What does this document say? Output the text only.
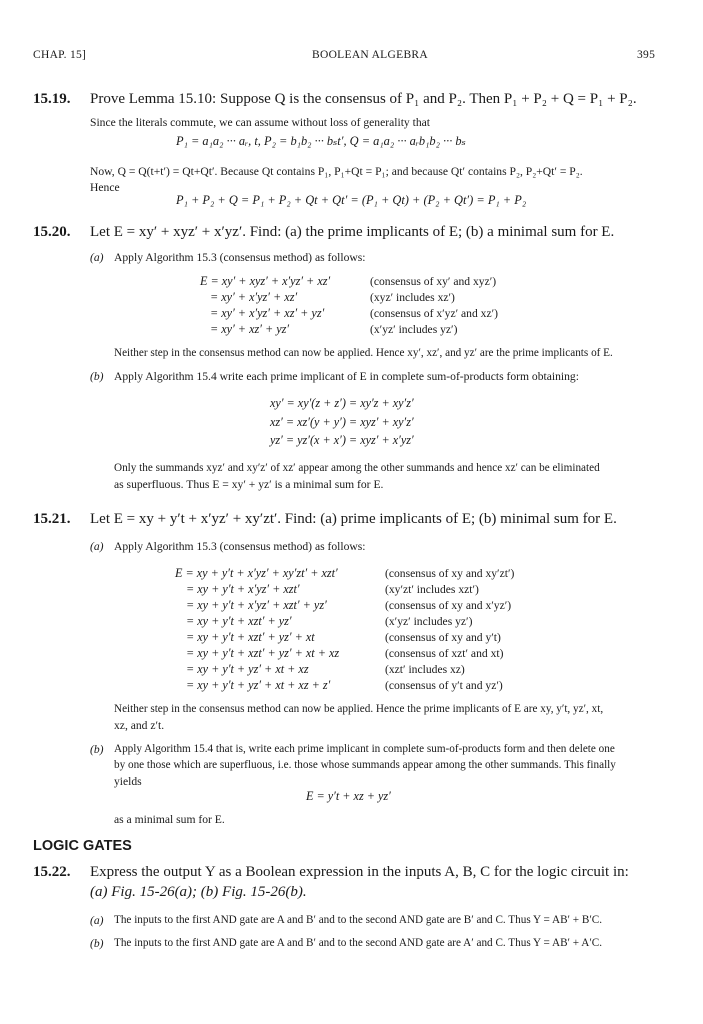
CHAP. 15]	BOOLEAN ALGEBRA	395
15.19. Prove Lemma 15.10: Suppose Q is the consensus of P₁ and P₂. Then P₁ + P₂ + Q = P₁ + P₂.
Since the literals commute, we can assume without loss of generality that
P₁ = a₁a₂ ··· aᵣ, t, P₂ = b₁b₂ ··· bₛt′, Q = a₁a₂ ··· aᵣb₁b₂ ··· bₛ
Now, Q = Q(t+t′) = Qt+Qt′. Because Qt contains P₁, P₁+Qt = P₁; and because Qt′ contains P₂, P₂+Qt′ = P₂.
Hence
P₁ + P₂ + Q = P₁ + P₂ + Qt + Qt′ = (P₁ + Qt) + (P₂ + Qt′) = P₁ + P₂
15.20. Let E = xy′ + xyz′ + x′yz′. Find: (a) the prime implicants of E; (b) a minimal sum for E.
(a) Apply Algorithm 15.3 (consensus method) as follows:
E = xy′ + xyz′ + x′yz′ + xz′	(consensus of xy′ and xyz′)
= xy′ + x′yz′ + xz′	(xyz′ includes xz′)
= xy′ + x′yz′ + xz′ + yz′	(consensus of x′yz′ and xz′)
= xy′ + xz′ + yz′	(x′yz′ includes yz′)
Neither step in the consensus method can now be applied. Hence xy′, xz′, and yz′ are the prime implicants of E.
(b) Apply Algorithm 15.4 write each prime implicant of E in complete sum-of-products form obtaining:
xy′ = xy′(z + z′) = xy′z + xy′z′
xz′ = xz′(y + y′) = xyz′ + xy′z′
yz′ = yz′(x + x′) = xyz′ + x′yz′
Only the summands xyz′ and xy′z′ of xz′ appear among the other summands and hence xz′ can be eliminated
as superfluous. Thus E = xy′ + yz′ is a minimal sum for E.
15.21. Let E = xy + y′t + x′yz′ + xy′zt′. Find: (a) prime implicants of E; (b) minimal sum for E.
(a) Apply Algorithm 15.3 (consensus method) as follows:
E = xy + y′t + x′yz′ + xy′zt′ + xzt′	(consensus of xy and xy′zt′)
= xy + y′t + x′yz′ + xzt′	(xy′zt′ includes xzt′)
= xy + y′t + x′yz′ + xzt′ + yz′	(consensus of xy and x′yz′)
= xy + y′t + xzt′ + yz′	(x′yz′ includes yz′)
= xy + y′t + xzt′ + yz′ + xt	(consensus of xy and y′t)
= xy + y′t + xzt′ + yz′ + xt + xz	(consensus of xzt′ and xt)
= xy + y′t + yz′ + xt + xz	(xzt′ includes xz)
= xy + y′t + yz′ + xt + xz + z′	(consensus of y′t and yz′)
Neither step in the consensus method can now be applied. Hence the prime implicants of E are xy, y′t, yz′, xt,
xz, and z′t.
(b) Apply Algorithm 15.4 that is, write each prime implicant in complete sum-of-products form and then delete one
by one those which are superfluous, i.e. those whose summands appear among the other summands. This finally
yields
E = y′t + xz + yz′
as a minimal sum for E.
LOGIC GATES
15.22. Express the output Y as a Boolean expression in the inputs A, B, C for the logic circuit in:
(a) Fig. 15-26(a); (b) Fig. 15-26(b).
(a) The inputs to the first AND gate are A and B′ and to the second AND gate are B′ and C. Thus Y = AB′ + B′C.
(b) The inputs to the first AND gate are A and B′ and to the second AND gate are A′ and C. Thus Y = AB′ + A′C.
